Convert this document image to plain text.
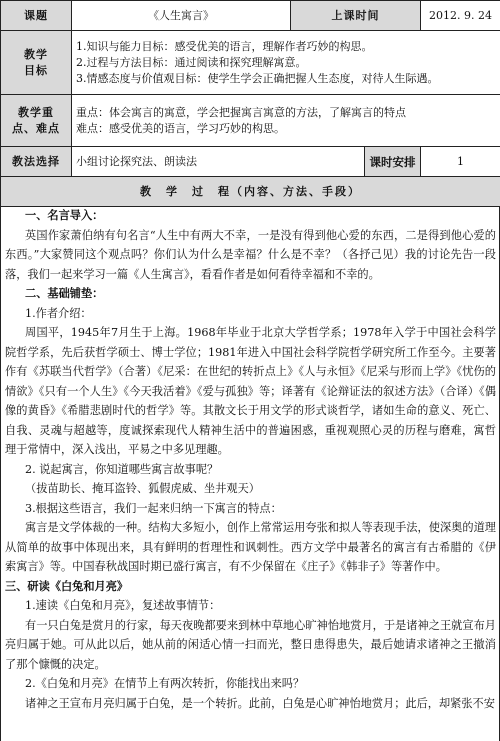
课题	《人生寓言》	上课时间		2012. 9. 24
教学
目标	1.知识与能力目标：感受优美的语言，理解作者巧妙的构思。
2.过程与方法目标：通过阅读和探究理解寓意。
3.情感态度与价值观目标：使学生学会正确把握人生态度，对待人生际遇。			

教学重
点、难点	重点：体会寓言的寓意，学会把握寓言寓意的方法，了解寓言的特点
难点：感受优美的语言，学习巧妙的构思。			

教法选择	小组讨论探究法、朗读法		课时安排	1
教　学　过　程（内容、方法、手段）				

一、名言导入：

英国作家萧伯纳有句名言“人生中有两大不幸，一是没有得到他心爱的东西，二是得到他心爱的东西。”大家赞同这个观点吗？你们认为什么是幸福？什么是不幸？（各抒己见）我的讨论先告一段落，我们一起来学习一篇《人生寓言》，看看作者是如何看待幸福和不幸的。

二、基础铺垫：

1.作者介绍：

周国平，1945年7月生于上海。1968年毕业于北京大学哲学系；1978年入学于中国社会科学院哲学系，先后获哲学硕士、博士学位；1981年进入中国社会科学院哲学研究所工作至今。主要著作有《苏联当代哲学》（合著）《尼采：在世纪的转折点上》《人与永恒》《尼采与形而上学》《忧伤的情欲》《只有一个人生》《今天我活着》《爱与孤独》等；译著有《论辩证法的叙述方法》（合译）《偶像的黄昏》《希腊悲剧时代的哲学》等。其散文长于用文学的形式谈哲学，诸如生命的意义、死亡、自我、灵魂与超越等，度诚探索现代人精神生活中的普遍困惑，重视观照心灵的历程与磨难，寓哲理于常情中，深入浅出，平易之中多见理趣。

2. 说起寓言，你知道哪些寓言故事呢？

（拔苗助长、掩耳盗铃、狐假虎威、坐井观天）

3.根据这些语言，我们一起来归纳一下寓言的特点：

寓言是文学体裁的一种。结构大多短小，创作上常常运用夸张和拟人等表现手法，使深奥的道理从简单的故事中体现出来，具有鲜明的哲理性和讽刺性。西方文学中最著名的寓言有古希腊的《伊索寓言》等。中国春秋战国时期已盛行寓言，有不少保留在《庄子》《韩非子》等著作中。

三、研读《白兔和月亮》

1.速读《白兔和月亮》，复述故事情节：

有一只白兔是赏月的行家，每天夜晚都要来到林中草地心旷神怡地赏月，于是诸神之王就宣布月亮归属于她。可从此以后，她从前的闲适心情一扫而光，整日患得患失，最后她请求诸神之王撤消了那个慷慨的决定。

2.《白兔和月亮》在情节上有两次转折，你能找出来吗？

诸神之王宣布月亮归属于白兔，是一个转折。此前，白兔是心旷神怡地赏月；此后，却紧张不安
